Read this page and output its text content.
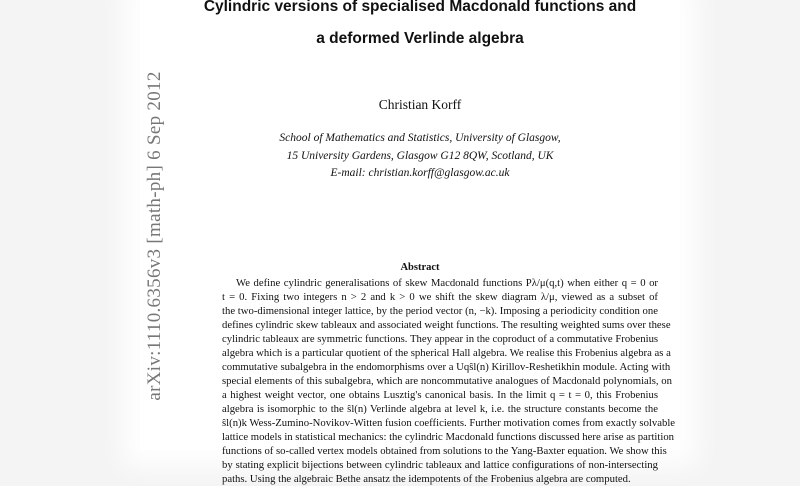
arXiv:1110.6356v3 [math-ph] 6 Sep 2012
Cylindric versions of specialised Macdonald functions and
a deformed Verlinde algebra
Christian Korff
School of Mathematics and Statistics, University of Glasgow,
15 University Gardens, Glasgow G12 8QW, Scotland, UK
E-mail: christian.korff@glasgow.ac.uk
Abstract
We define cylindric generalisations of skew Macdonald functions Pλ/μ(q,t) when either q = 0 or
t = 0. Fixing two integers n > 2 and k > 0 we shift the skew diagram λ/μ, viewed as a subset of
the two-dimensional integer lattice, by the period vector (n, −k). Imposing a periodicity condition one
defines cylindric skew tableaux and associated weight functions. The resulting weighted sums over these
cylindric tableaux are symmetric functions. They appear in the coproduct of a commutative Frobenius
algebra which is a particular quotient of the spherical Hall algebra. We realise this Frobenius algebra as a
commutative subalgebra in the endomorphisms over a Uqŝl(n) Kirillov-Reshetikhin module. Acting with
special elements of this subalgebra, which are noncommutative analogues of Macdonald polynomials, on
a highest weight vector, one obtains Lusztig's canonical basis. In the limit q = t = 0, this Frobenius
algebra is isomorphic to the ŝl(n) Verlinde algebra at level k, i.e. the structure constants become the
ŝl(n)k Wess-Zumino-Novikov-Witten fusion coefficients. Further motivation comes from exactly solvable
lattice models in statistical mechanics: the cylindric Macdonald functions discussed here arise as partition
functions of so-called vertex models obtained from solutions to the Yang-Baxter equation. We show this
by stating explicit bijections between cylindric tableaux and lattice configurations of non-intersecting
paths. Using the algebraic Bethe ansatz the idempotents of the Frobenius algebra are computed.
